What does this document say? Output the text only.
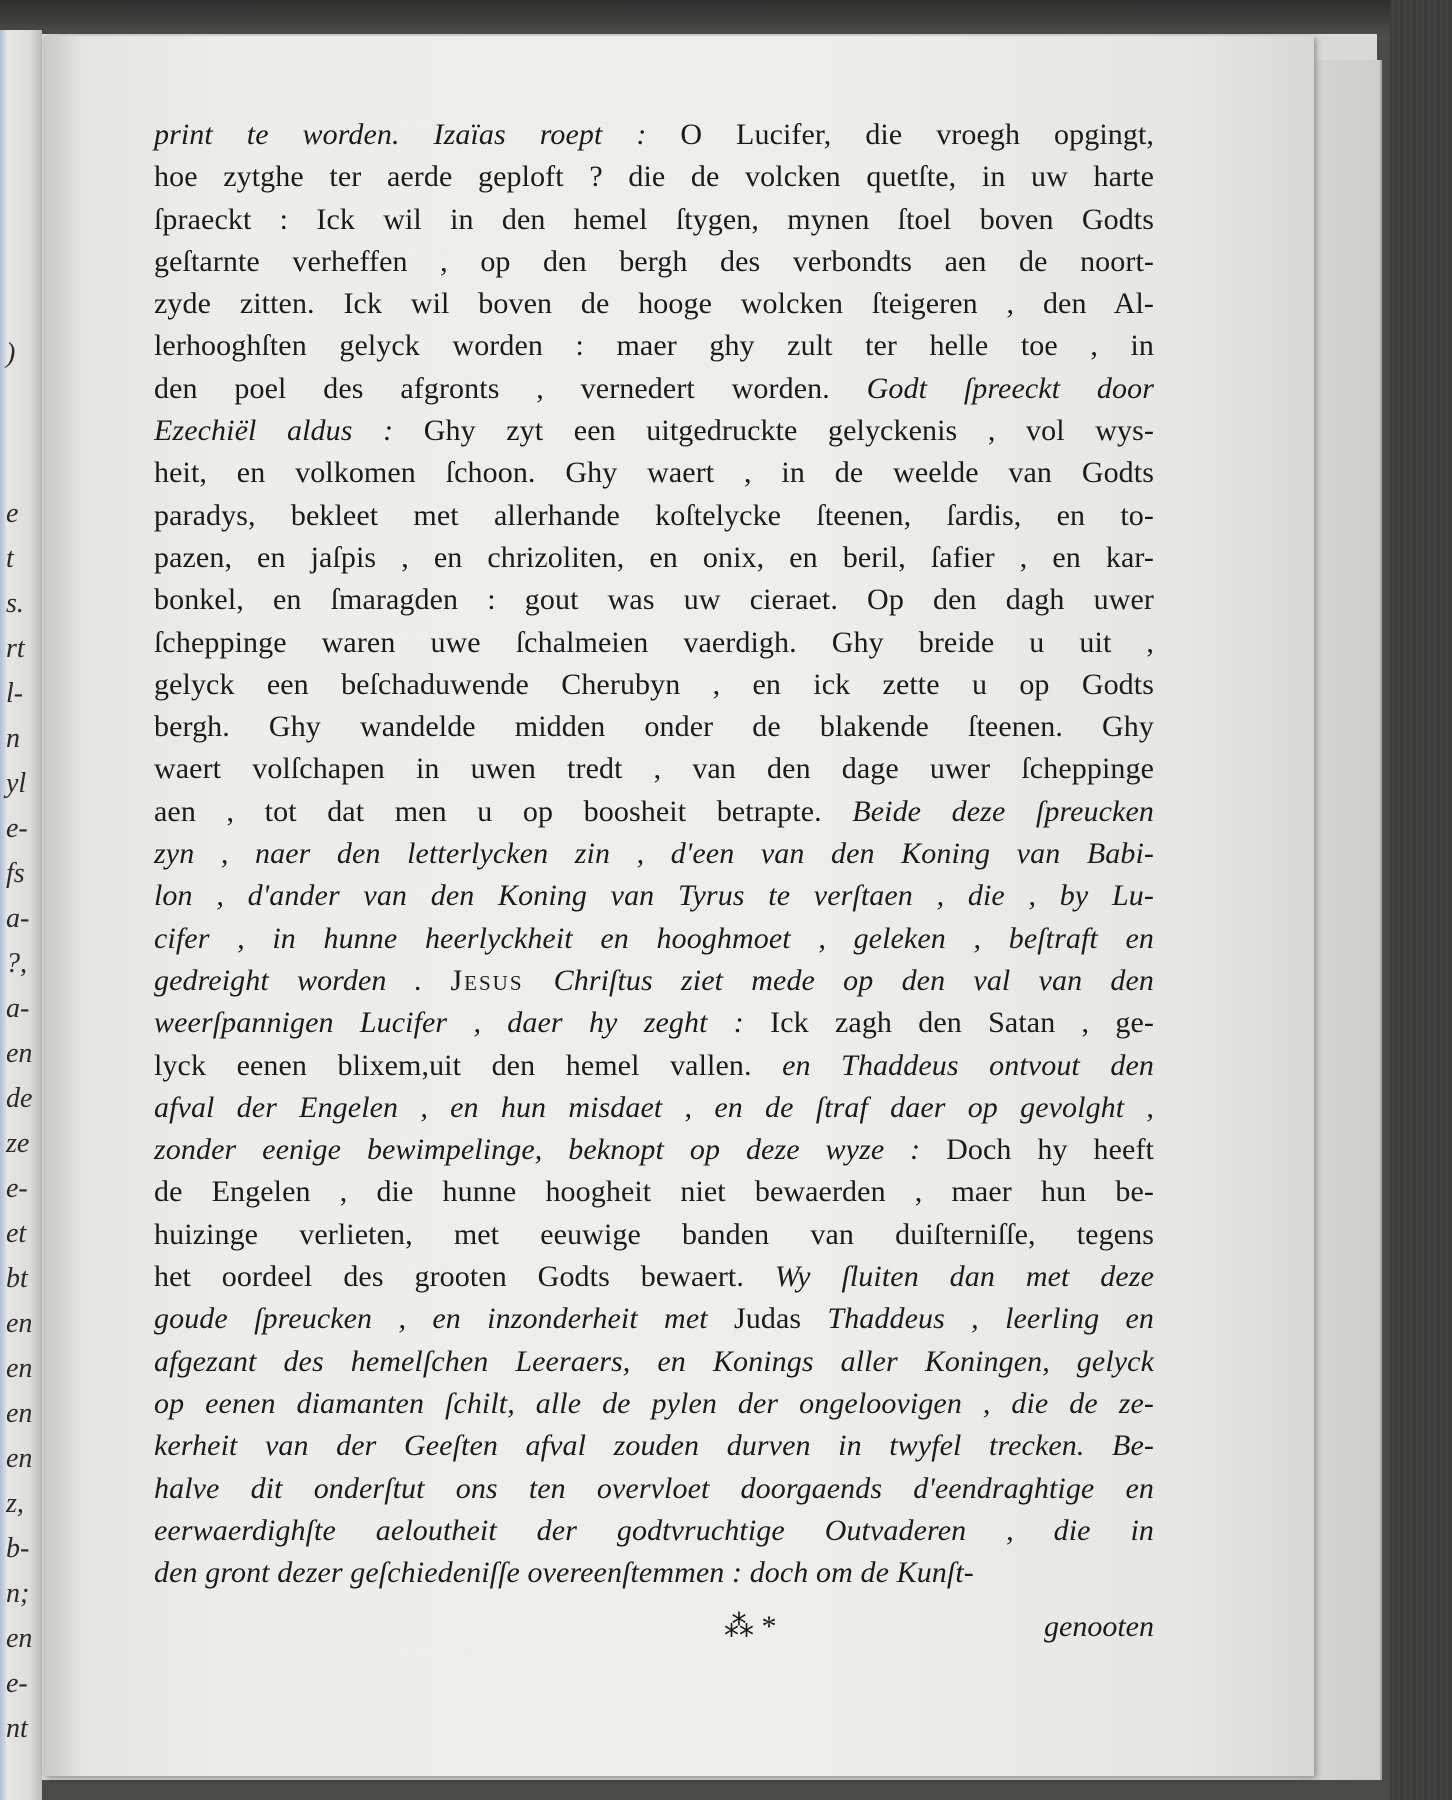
)
e
t
s.
rt
l-
n
yl
e-
fs
a-
?,
a-
en
de
ze
e-
et
bt
en
en
en
en
z,
b-
n;
en
e-
nt
print te worden. Izaïas roept : O Lucifer, die vroegh opgingt,
hoe zytghe ter aerde geploft ? die de volcken quetſte, in uw harte
ſpraeckt : Ick wil in den hemel ſtygen, mynen ſtoel boven Godts
geſtarnte verheffen , op den bergh des verbondts aen de noort-
zyde zitten. Ick wil boven de hooge wolcken ſteigeren , den Al-
lerhooghſten gelyck worden : maer ghy zult ter helle toe , in
den poel des afgronts , vernedert worden. Godt ſpreeckt door
Ezechiël aldus : Ghy zyt een uitgedruckte gelyckenis , vol wys-
heit, en volkomen ſchoon. Ghy waert , in de weelde van Godts
paradys, bekleet met allerhande koſtelycke ſteenen, ſardis, en to-
pazen, en jaſpis , en chrizoliten, en onix, en beril, ſafier , en kar-
bonkel, en ſmaragden : gout was uw cieraet. Op den dagh uwer
ſcheppinge waren uwe ſchalmeien vaerdigh. Ghy breide u uit ,
gelyck een beſchaduwende Cherubyn , en ick zette u op Godts
bergh. Ghy wandelde midden onder de blakende ſteenen. Ghy
waert volſchapen in uwen tredt , van den dage uwer ſcheppinge
aen , tot dat men u op boosheit betrapte. Beide deze ſpreucken
zyn , naer den letterlycken zin , d'een van den Koning van Babi-
lon , d'ander van den Koning van Tyrus te verſtaen , die , by Lu-
cifer , in hunne heerlyckheit en hooghmoet , geleken , beſtraft en
gedreight worden . Jesus Chriſtus ziet mede op den val van den
weerſpannigen Lucifer , daer hy zeght : Ick zagh den Satan , ge-
lyck eenen blixem,uit den hemel vallen. en Thaddeus ontvout den
afval der Engelen , en hun misdaet , en de ſtraf daer op gevolght ,
zonder eenige bewimpelinge, beknopt op deze wyze : Doch hy heeft
de Engelen , die hunne hoogheit niet bewaerden , maer hun be-
huizinge verlieten, met eeuwige banden van duiſterniſſe, tegens
het oordeel des grooten Godts bewaert. Wy ſluiten dan met deze
goude ſpreucken , en inzonderheit met Judas Thaddeus , leerling en
afgezant des hemelſchen Leeraers, en Konings aller Koningen, gelyck
op eenen diamanten ſchilt, alle de pylen der ongeloovigen , die de ze-
kerheit van der Geeſten afval zouden durven in twyfel trecken. Be-
halve dit onderſtut ons ten overvloet doorgaends d'eendraghtige en
eerwaerdighſte aeloutheit der godtvruchtige Outvaderen , die in
den gront dezer geſchiedeniſſe overeenſtemmen : doch om de Kunſt-
⁂ *	genooten
